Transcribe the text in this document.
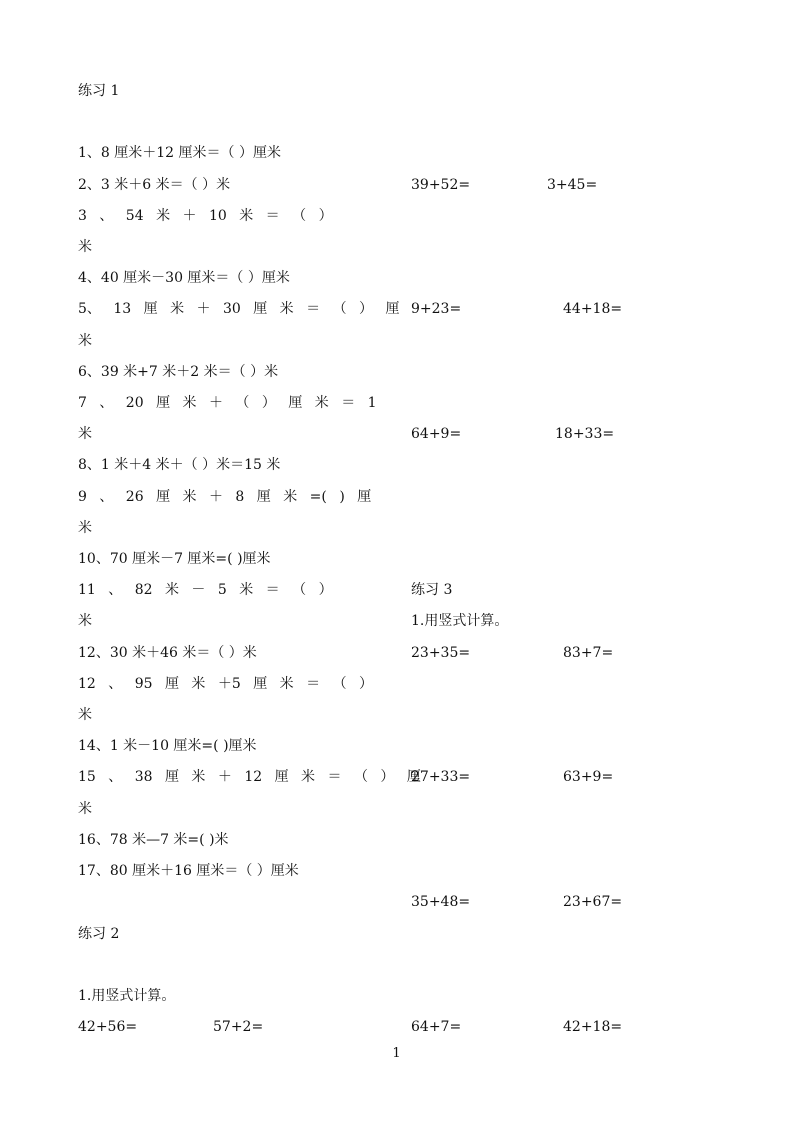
练习 1
1、8 厘米＋12 厘米＝（ ）厘米
2、3 米＋6 米＝（ ）米
3 、 54 米 ＋ 10 米 ＝ （ ）
米
4、40 厘米－30 厘米＝（ ）厘米
5、 13 厘 米 ＋ 30 厘 米 ＝ （ ） 厘
米
6、39 米+7 米＋2 米＝（ ）米
7 、 20 厘 米 ＋ （ ） 厘 米 ＝ 1
米
8、1 米＋4 米＋（ ）米＝15 米
9 、 26 厘 米 ＋ 8 厘 米 =( ) 厘
米
10、70 厘米－7 厘米=( )厘米
11 、 82 米 － 5 米 ＝ （ ）
米
12、30 米＋46 米＝（ ）米
12 、 95 厘 米 ＋5 厘 米 ＝ （ ）
米
14、1 米－10 厘米=( )厘米
15 、 38 厘 米 ＋ 12 厘 米 ＝ （ ） 厘
米
16、78 米—7 米=( )米
17、80 厘米＋16 厘米＝（ ）厘米
练习 2
1.用竖式计算。
42+56=	57+2=
39+52=	3+45=
9+23=	44+18=
64+9=	18+33=
练习 3
1.用竖式计算。
23+35=	83+7=
27+33=	63+9=
35+48=	23+67=
64+7=	42+18=
1
